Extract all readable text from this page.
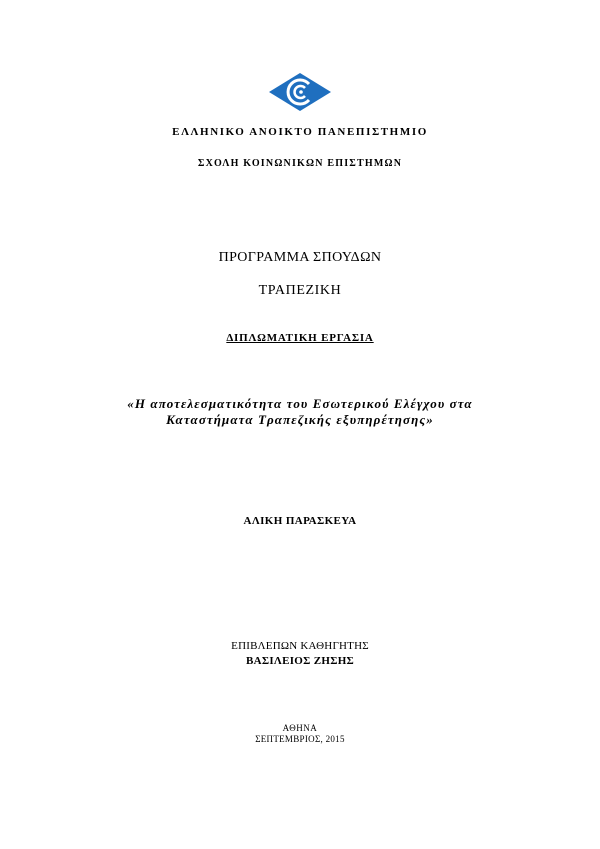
ΕΛΛΗΝΙΚΟ ΑΝΟΙΚΤΟ ΠΑΝΕΠΙΣΤΗΜΙΟ
ΣΧΟΛΗ ΚΟΙΝΩΝΙΚΩΝ ΕΠΙΣΤΗΜΩΝ
ΠΡΟΓΡΑΜΜΑ ΣΠΟΥΔΩΝ
ΤΡΑΠΕΖΙΚΗ
ΔΙΠΛΩΜΑΤΙΚΗ ΕΡΓΑΣΙΑ
«Η αποτελεσματικότητα του Εσωτερικού Ελέγχου στα
Καταστήματα Τραπεζικής εξυπηρέτησης»
ΑΛΙΚΗ ΠΑΡΑΣΚΕΥΑ
ΕΠΙΒΛΕΠΩΝ ΚΑΘΗΓΗΤΗΣ
ΒΑΣΙΛΕΙΟΣ ΖΗΣΗΣ
ΑΘΗΝΑ
ΣΕΠΤΕΜΒΡΙΟΣ, 2015
